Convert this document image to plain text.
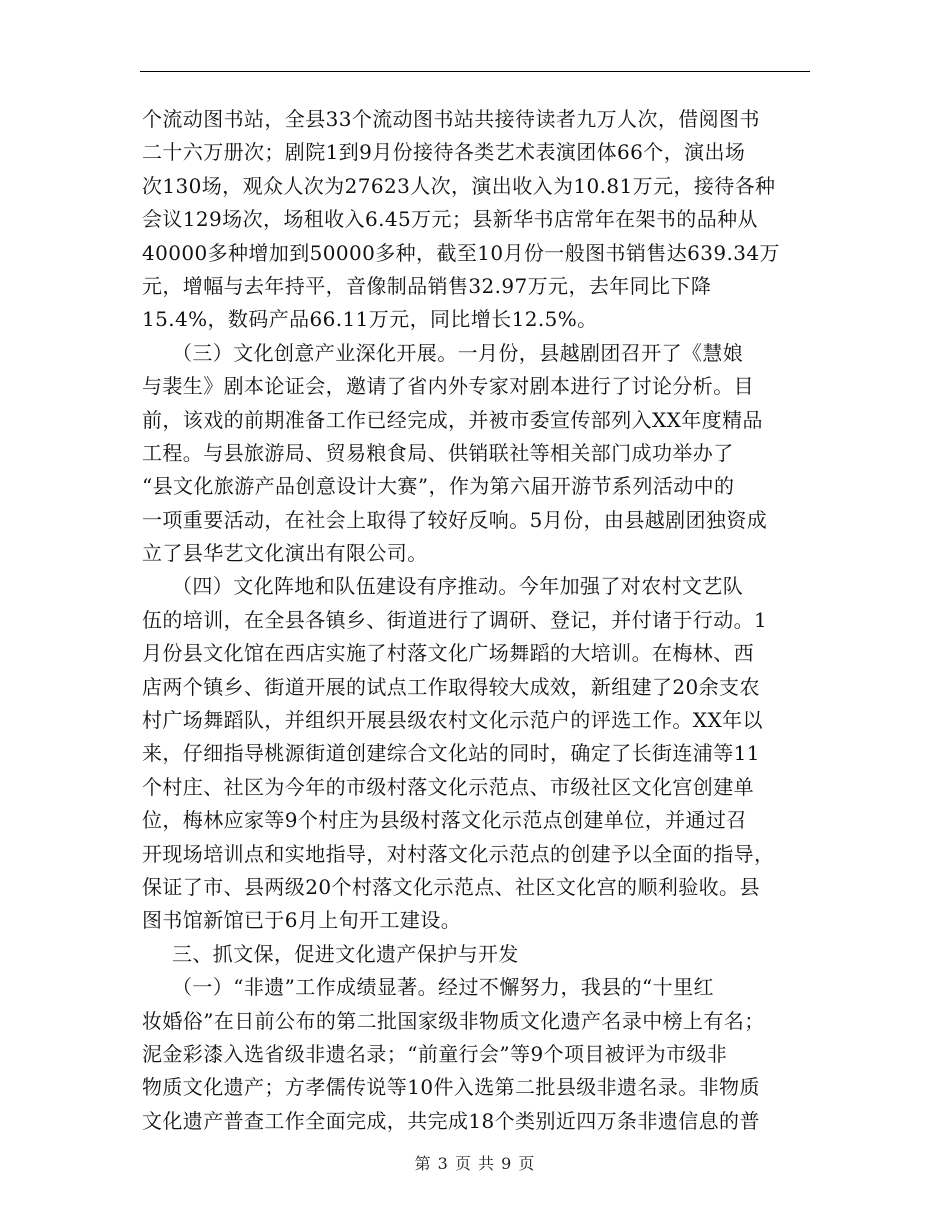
个流动图书站，全县33个流动图书站共接待读者九万人次，借阅图书
二十六万册次；剧院1到9月份接待各类艺术表演团体66个，演出场
次130场，观众人次为27623人次，演出收入为10.81万元，接待各种
会议129场次，场租收入6.45万元；县新华书店常年在架书的品种从
40000多种增加到50000多种，截至10月份一般图书销售达639.34万
元，增幅与去年持平，音像制品销售32.97万元，去年同比下降
15.4%，数码产品66.11万元，同比增长12.5%。
（三）文化创意产业深化开展。一月份，县越剧团召开了《慧娘
与裴生》剧本论证会，邀请了省内外专家对剧本进行了讨论分析。目
前，该戏的前期准备工作已经完成，并被市委宣传部列入XX年度精品
工程。与县旅游局、贸易粮食局、供销联社等相关部门成功举办了
“县文化旅游产品创意设计大赛”，作为第六届开游节系列活动中的
一项重要活动，在社会上取得了较好反响。5月份，由县越剧团独资成
立了县华艺文化演出有限公司。
（四）文化阵地和队伍建设有序推动。今年加强了对农村文艺队
伍的培训，在全县各镇乡、街道进行了调研、登记，并付诸于行动。1
月份县文化馆在西店实施了村落文化广场舞蹈的大培训。在梅林、西
店两个镇乡、街道开展的试点工作取得较大成效，新组建了20余支农
村广场舞蹈队，并组织开展县级农村文化示范户的评选工作。XX年以
来，仔细指导桃源街道创建综合文化站的同时，确定了长街连浦等11
个村庄、社区为今年的市级村落文化示范点、市级社区文化宫创建单
位，梅林应家等9个村庄为县级村落文化示范点创建单位，并通过召
开现场培训点和实地指导，对村落文化示范点的创建予以全面的指导，
保证了市、县两级20个村落文化示范点、社区文化宫的顺利验收。县
图书馆新馆已于6月上旬开工建设。
三、抓文保，促进文化遗产保护与开发
（一）“非遗”工作成绩显著。经过不懈努力，我县的“十里红
妆婚俗”在日前公布的第二批国家级非物质文化遗产名录中榜上有名；
泥金彩漆入选省级非遗名录；“前童行会”等9个项目被评为市级非
物质文化遗产；方孝儒传说等10件入选第二批县级非遗名录。非物质
文化遗产普查工作全面完成，共完成18个类别近四万条非遗信息的普
第 3 页 共 9 页
